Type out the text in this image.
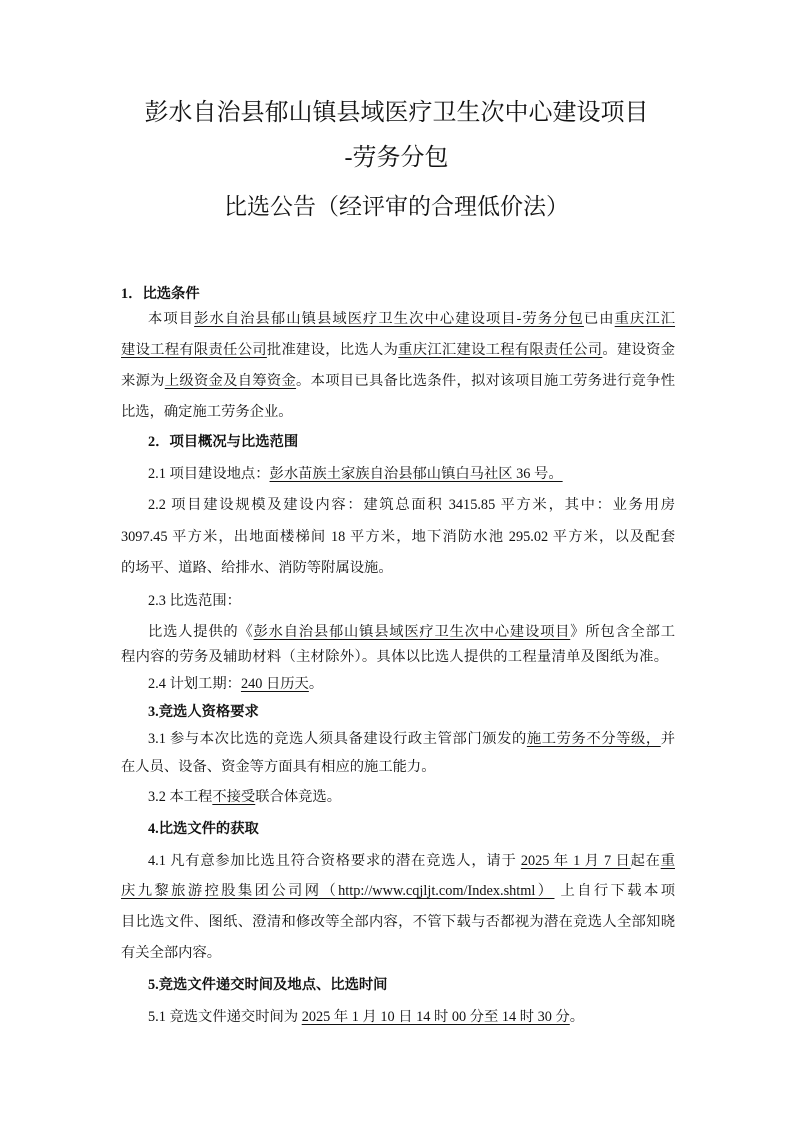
彭水自治县郁山镇县域医疗卫生次中心建设项目
-劳务分包
比选公告（经评审的合理低价法）
1．比选条件
本项目彭水自治县郁山镇县域医疗卫生次中心建设项目-劳务分包已由重庆江汇
建设工程有限责任公司批准建设，比选人为重庆江汇建设工程有限责任公司。建设资金
来源为上级资金及自筹资金。本项目已具备比选条件，拟对该项目施工劳务进行竞争性
比选，确定施工劳务企业。
2．项目概况与比选范围
2.1 项目建设地点：彭水苗族土家族自治县郁山镇白马社区 36 号。
2.2 项目建设规模及建设内容：建筑总面积 3415.85 平方米，其中：业务用房
3097.45 平方米，出地面楼梯间 18 平方米，地下消防水池 295.02 平方米，以及配套
的场平、道路、给排水、消防等附属设施。
2.3 比选范围：
比选人提供的《彭水自治县郁山镇县域医疗卫生次中心建设项目》所包含全部工
程内容的劳务及辅助材料（主材除外）。具体以比选人提供的工程量清单及图纸为准。
2.4 计划工期：240 日历天。
3.竞选人资格要求
3.1 参与本次比选的竞选人须具备建设行政主管部门颁发的施工劳务不分等级，并
在人员、设备、资金等方面具有相应的施工能力。
3.2 本工程不接受联合体竞选。
4.比选文件的获取
4.1 凡有意参加比选且符合资格要求的潜在竞选人，请于 2025 年 1 月 7 日起在重
庆九黎旅游控股集团公司网（http://www.cqjljt.com/Index.shtml） 上自行下载本项
目比选文件、图纸、澄清和修改等全部内容，不管下载与否都视为潜在竞选人全部知晓
有关全部内容。
5.竞选文件递交时间及地点、比选时间
5.1 竞选文件递交时间为 2025 年 1 月 10 日 14 时 00 分至 14 时 30 分。
